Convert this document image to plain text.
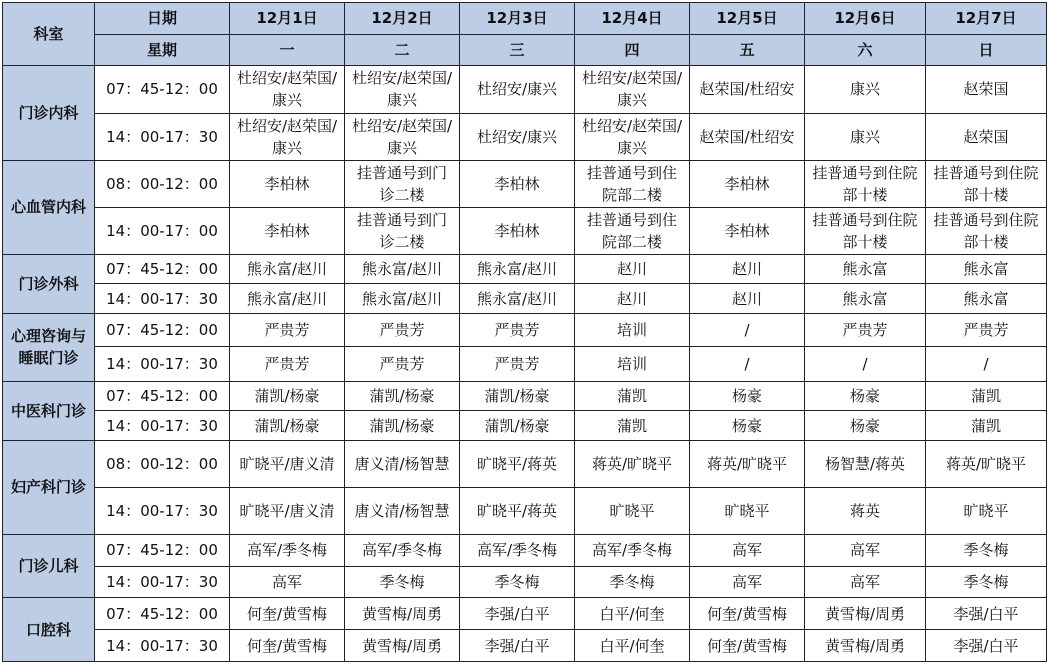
科室	日期	12月1日	12月2日	12月3日	12月4日	12月5日	12月6日	12月7日
	星期	一	二	三	四	五	六	日
门诊内科	07：45-12：00	杜绍安/赵荣国/康兴	杜绍安/赵荣国/康兴	杜绍安/康兴	杜绍安/赵荣国/康兴	赵荣国/杜绍安	康兴	赵荣国
	14：00-17：30	杜绍安/赵荣国/康兴	杜绍安/赵荣国/康兴	杜绍安/康兴	杜绍安/赵荣国/康兴	赵荣国/杜绍安	康兴	赵荣国
心血管内科	08：00-12：00	李柏林	挂普通号到门诊二楼	李柏林	挂普通号到住院部二楼	李柏林	挂普通号到住院部十楼	挂普通号到住院部十楼
	14：00-17：00	李柏林	挂普通号到门诊二楼	李柏林	挂普通号到住院部二楼	李柏林	挂普通号到住院部十楼	挂普通号到住院部十楼
门诊外科	07：45-12：00	熊永富/赵川	熊永富/赵川	熊永富/赵川	赵川	赵川	熊永富	熊永富
	14：00-17：30	熊永富/赵川	熊永富/赵川	熊永富/赵川	赵川	赵川	熊永富	熊永富
心理咨询与睡眠门诊	07：45-12：00	严贵芳	严贵芳	严贵芳	培训	/	严贵芳	严贵芳
	14：00-17：30	严贵芳	严贵芳	严贵芳	培训	/	/	/
中医科门诊	07：45-12：00	蒲凯/杨豪	蒲凯/杨豪	蒲凯/杨豪	蒲凯	杨豪	杨豪	蒲凯
	14：00-17：30	蒲凯/杨豪	蒲凯/杨豪	蒲凯/杨豪	蒲凯	杨豪	杨豪	蒲凯
妇产科门诊	08：00-12：00	旷晓平/唐义清	唐义清/杨智慧	旷晓平/蒋英	蒋英/旷晓平	蒋英/旷晓平	杨智慧/蒋英	蒋英/旷晓平
	14：00-17：30	旷晓平/唐义清	唐义清/杨智慧	旷晓平/蒋英	旷晓平	旷晓平	蒋英	旷晓平
门诊儿科	07：45-12：00	高军/季冬梅	高军/季冬梅	高军/季冬梅	高军/季冬梅	高军	高军	季冬梅
	14：00-17：30	高军	季冬梅	季冬梅	季冬梅	高军	高军	季冬梅
口腔科	07：45-12：00	何奎/黄雪梅	黄雪梅/周勇	李强/白平	白平/何奎	何奎/黄雪梅	黄雪梅/周勇	李强/白平
	14：00-17：30	何奎/黄雪梅	黄雪梅/周勇	李强/白平	白平/何奎	何奎/黄雪梅	黄雪梅/周勇	李强/白平
